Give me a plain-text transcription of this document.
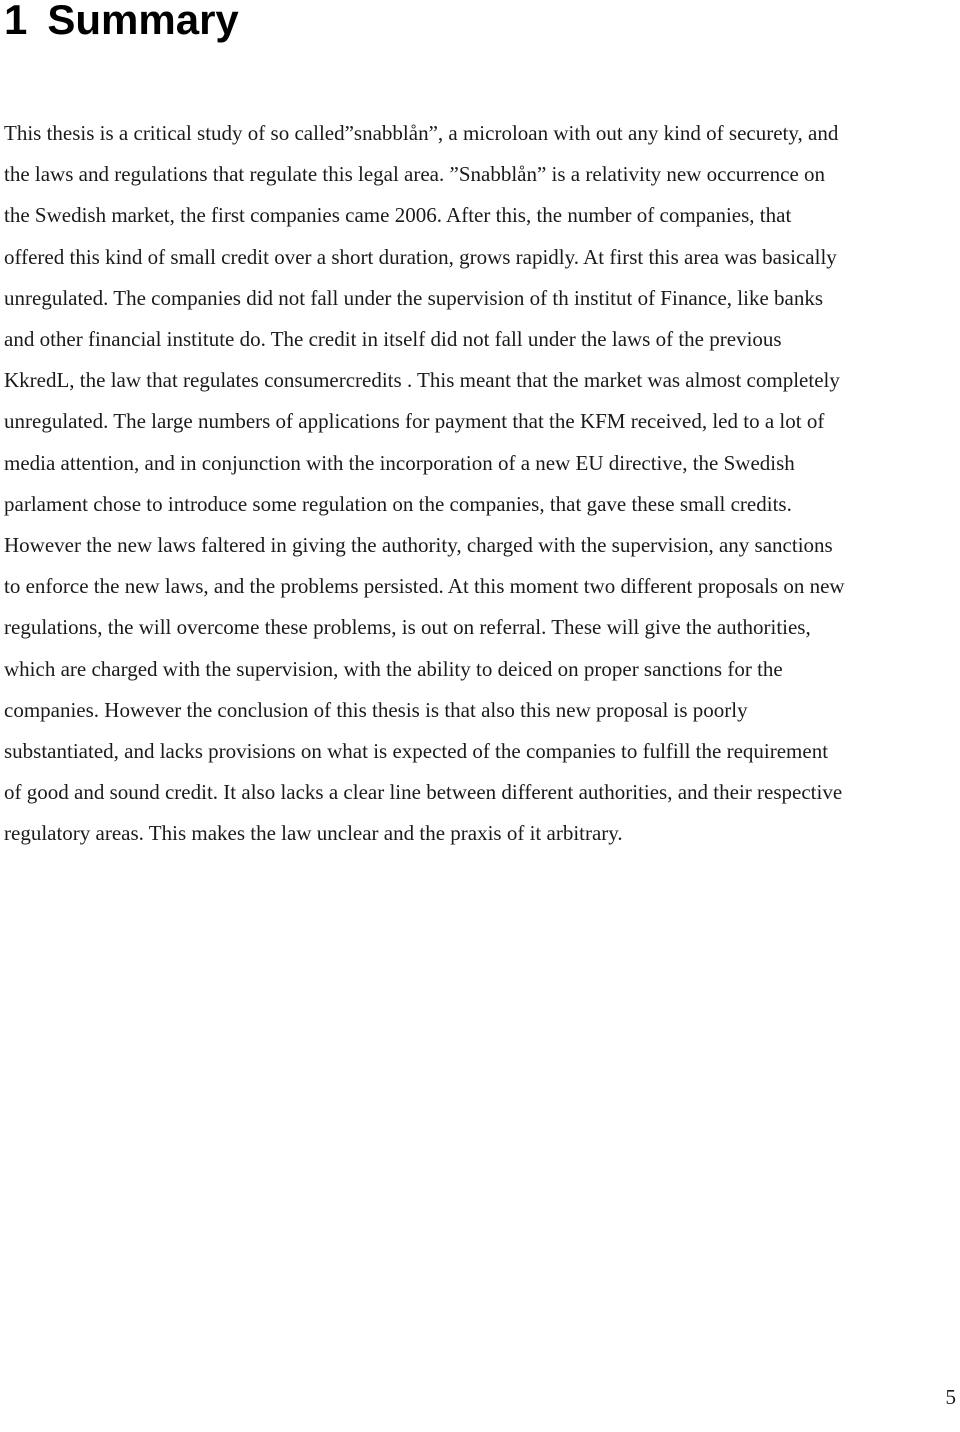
1 Summary

This thesis is a critical study of so called”snabblån”, a microloan with out any kind of securety, and
the laws and regulations that regulate this legal area. ”Snabblån” is a relativity new occurrence on
the Swedish market, the first companies came 2006. After this, the number of companies, that
offered this kind of small credit over a short duration, grows rapidly. At first this area was basically
unregulated. The companies did not fall under the supervision of th institut of Finance, like banks
and other financial institute do. The credit in itself did not fall under the laws of the previous
KkredL, the law that regulates consumercredits . This meant that the market was almost completely
unregulated. The large numbers of applications for payment that the KFM received, led to a lot of
media attention, and in conjunction with the incorporation of a new EU directive, the Swedish
parlament chose to introduce some regulation on the companies, that gave these small credits.
However the new laws faltered in giving the authority, charged with the supervision, any sanctions
to enforce the new laws, and the problems persisted. At this moment two different proposals on new
regulations, the will overcome these problems, is out on referral. These will give the authorities,
which are charged with the supervision, with the ability to deiced on proper sanctions for the
companies. However the conclusion of this thesis is that also this new proposal is poorly
substantiated, and lacks provisions on what is expected of the companies to fulfill the requirement
of good and sound credit. It also lacks a clear line between different authorities, and their respective
regulatory areas. This makes the law unclear and the praxis of it arbitrary.

5
